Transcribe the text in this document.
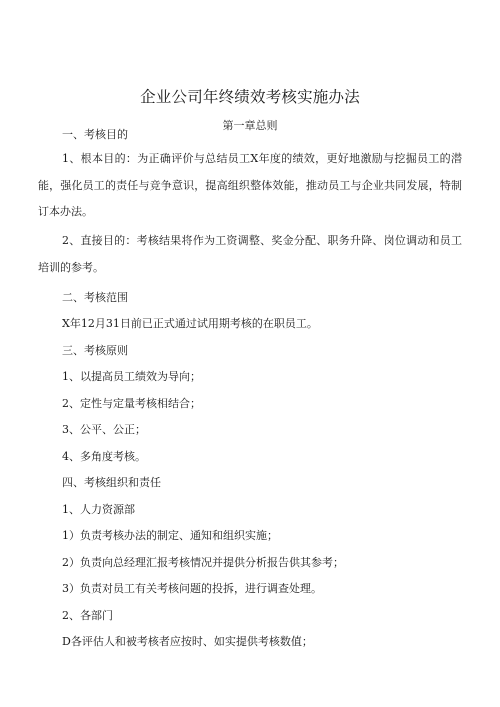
企业公司年终绩效考核实施办法
第一章总则

一、考核目的

1、根本目的：为正确评价与总结员工X年度的绩效，更好地激励与挖掘员工的潜能，强化员工的责任与竞争意识，提高组织整体效能，推动员工与企业共同发展，特制订本办法。

2、直接目的：考核结果将作为工资调整、奖金分配、职务升降、岗位调动和员工培训的参考。

二、考核范围

X年12月31日前已正式通过试用期考核的在职员工。

三、考核原则

1、以提高员工绩效为导向；

2、定性与定量考核相结合；

3、公平、公正；

4、多角度考核。

四、考核组织和责任

1、人力资源部

1）负责考核办法的制定、通知和组织实施；

2）负责向总经理汇报考核情况并提供分析报告供其参考；

3）负责对员工有关考核问题的投拆，进行调查处理。

2、各部门

D各评估人和被考核者应按时、如实提供考核数值；
